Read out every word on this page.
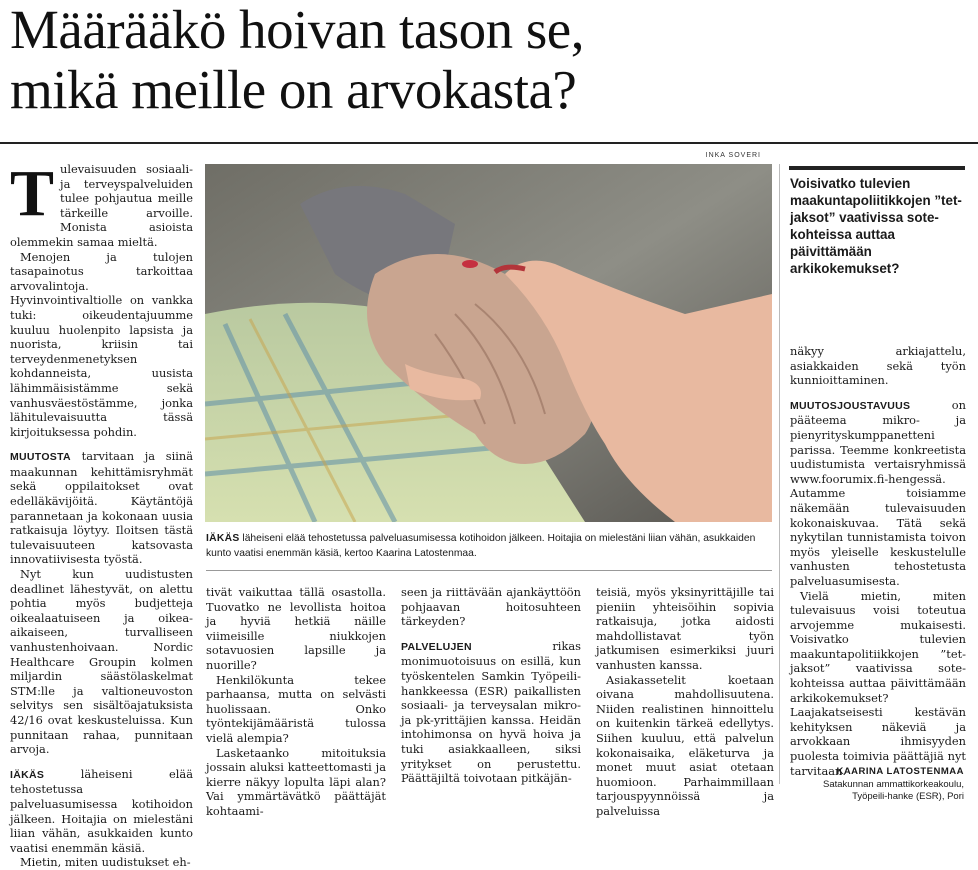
Määrääkö hoivan tason se,
mikä meille on arvokasta?

Tulevaisuuden sosiaali- ja terveyspalveluiden tulee pohjautua meille tärkeille arvoille. Monista asioista olemmekin samaa mieltä.

Menojen ja tulojen tasapainotus tarkoittaa arvovalintoja. Hyvinvointivaltiolle on vankka tuki: oikeudentajuumme kuuluu huolenpito lapsista ja nuorista, kriisin tai terveydenmenetyksen kohdanneista, uusista lähimmäisistämme sekä vanhusväestöstämme, jonka lähitulevaisuutta tässä kirjoituksessa pohdin.

MUUTOSTA tarvitaan ja siinä maakunnan kehittämisryhmät sekä oppilaitokset ovat edelläkävijöitä. Käytäntöjä parannetaan ja kokonaan uusia ratkaisuja löytyy. Iloitsen tästä tulevaisuuteen katsovasta innovatiivisesta työstä.

Nyt kun uudistusten deadlinet lähestyvät, on alettu pohtia myös budjetteja oikealaatuiseen ja oikea-aikaiseen, turvalliseen vanhustenhoivaan. Nordic Healthcare Groupin kolmen miljardin säästölaskelmat STM:lle ja valtioneuvoston selvitys sen sisältöajatuksista 42/16 ovat keskusteluissa. Kun punnitaan rahaa, punnitaan arvoja.

IÄKÄS	läheiseni elää tehostetussa palveluasumisessa kotihoidon jälkeen. Hoitajia on mielestäni liian vähän, asukkaiden kunto vaatisi enemmän käsiä.

Mietin, miten uudistukset eh-

INKA SOVERI
IÄKÄS läheiseni elää tehostetussa palveluasumisessa kotihoidon jälkeen. Hoitajia on mielestäni liian vähän, asukkaiden kunto vaatisi enemmän käsiä, kertoo Kaarina Latostenmaa.

tivät vaikuttaa tällä osastolla. Tuovatko ne levollista hoitoa ja hyviä hetkiä näille viimeisille niukkojen sotavuosien lapsille ja nuorille?

Henkilökunta tekee parhaansa, mutta on selvästi huolissaan. Onko työntekijämääristä tulossa vielä alempia?

Lasketaanko mitoituksia jossain aluksi katteettomasti ja kierre näkyy lopulta läpi alan? Vai ymmärtävätkö päättäjät kohtaami-

seen ja riittävään ajankäyttöön pohjaavan hoitosuhteen tärkeyden?

PALVELUJEN	rikas monimuotoisuus on esillä, kun työskentelen Samkin Työpeili-hankkeessa (ESR) paikallisten sosiaali- ja terveysalan mikro- ja pk-yrittäjien kanssa. Heidän intohimonsa on hyvä hoiva ja tuki asiakkaalleen, siksi yritykset on perustettu. Päättäjiltä toivotaan pitkäjän-

teisiä, myös yksinyrittäjille tai pieniin yhteisöihin sopivia ratkaisuja, jotka aidosti mahdollistavat työn jatkumisen esimerkiksi juuri vanhusten kanssa.

Asiakassetelit koetaan oivana mahdollisuutena. Niiden realistinen hinnoittelu on kuitenkin tärkeä edellytys. Siihen kuuluu, että palvelun kokonaisaika, eläketurva ja monet muut asiat otetaan huomioon. Parhaimmillaan tarjouspyynnöissä ja palveluissa

Voisivatko tulevien maakuntapoliitikkojen ”tet-jaksot” vaativissa sote-kohteissa auttaa päivittämään arkikokemukset?

näkyy arkiajattelu, asiakkaiden sekä työn kunnioittaminen.

MUUTOSJOUSTAVUUS	on pääteema mikro- ja pienyrityskumppanetteni parissa. Teemme konkreetista uudistumista vertaisryhmissä www.foorumix.fi-hengessä. Autamme toisiamme näkemään tulevaisuuden kokonaiskuvaa. Tätä sekä nykytilan tunnistamista toivon myös yleiselle keskustelulle vanhusten tehostetusta palveluasumisesta.

Vielä mietin, miten tulevaisuus voisi toteutua arvojemme mukaisesti. Voisivatko tulevien maakuntapolitiikkojen ”tet-jaksot” vaativissa sote-kohteissa auttaa päivittämään arkikokemukset? Laajakatseisesti kestävän kehityksen näkeviä ja arvokkaan ihmisyyden puolesta toimivia päättäjiä nyt tarvitaan.

KAARINA LATOSTENMAA
Satakunnan ammattikorkeakoulu,
Työpeili-hanke (ESR), Pori
